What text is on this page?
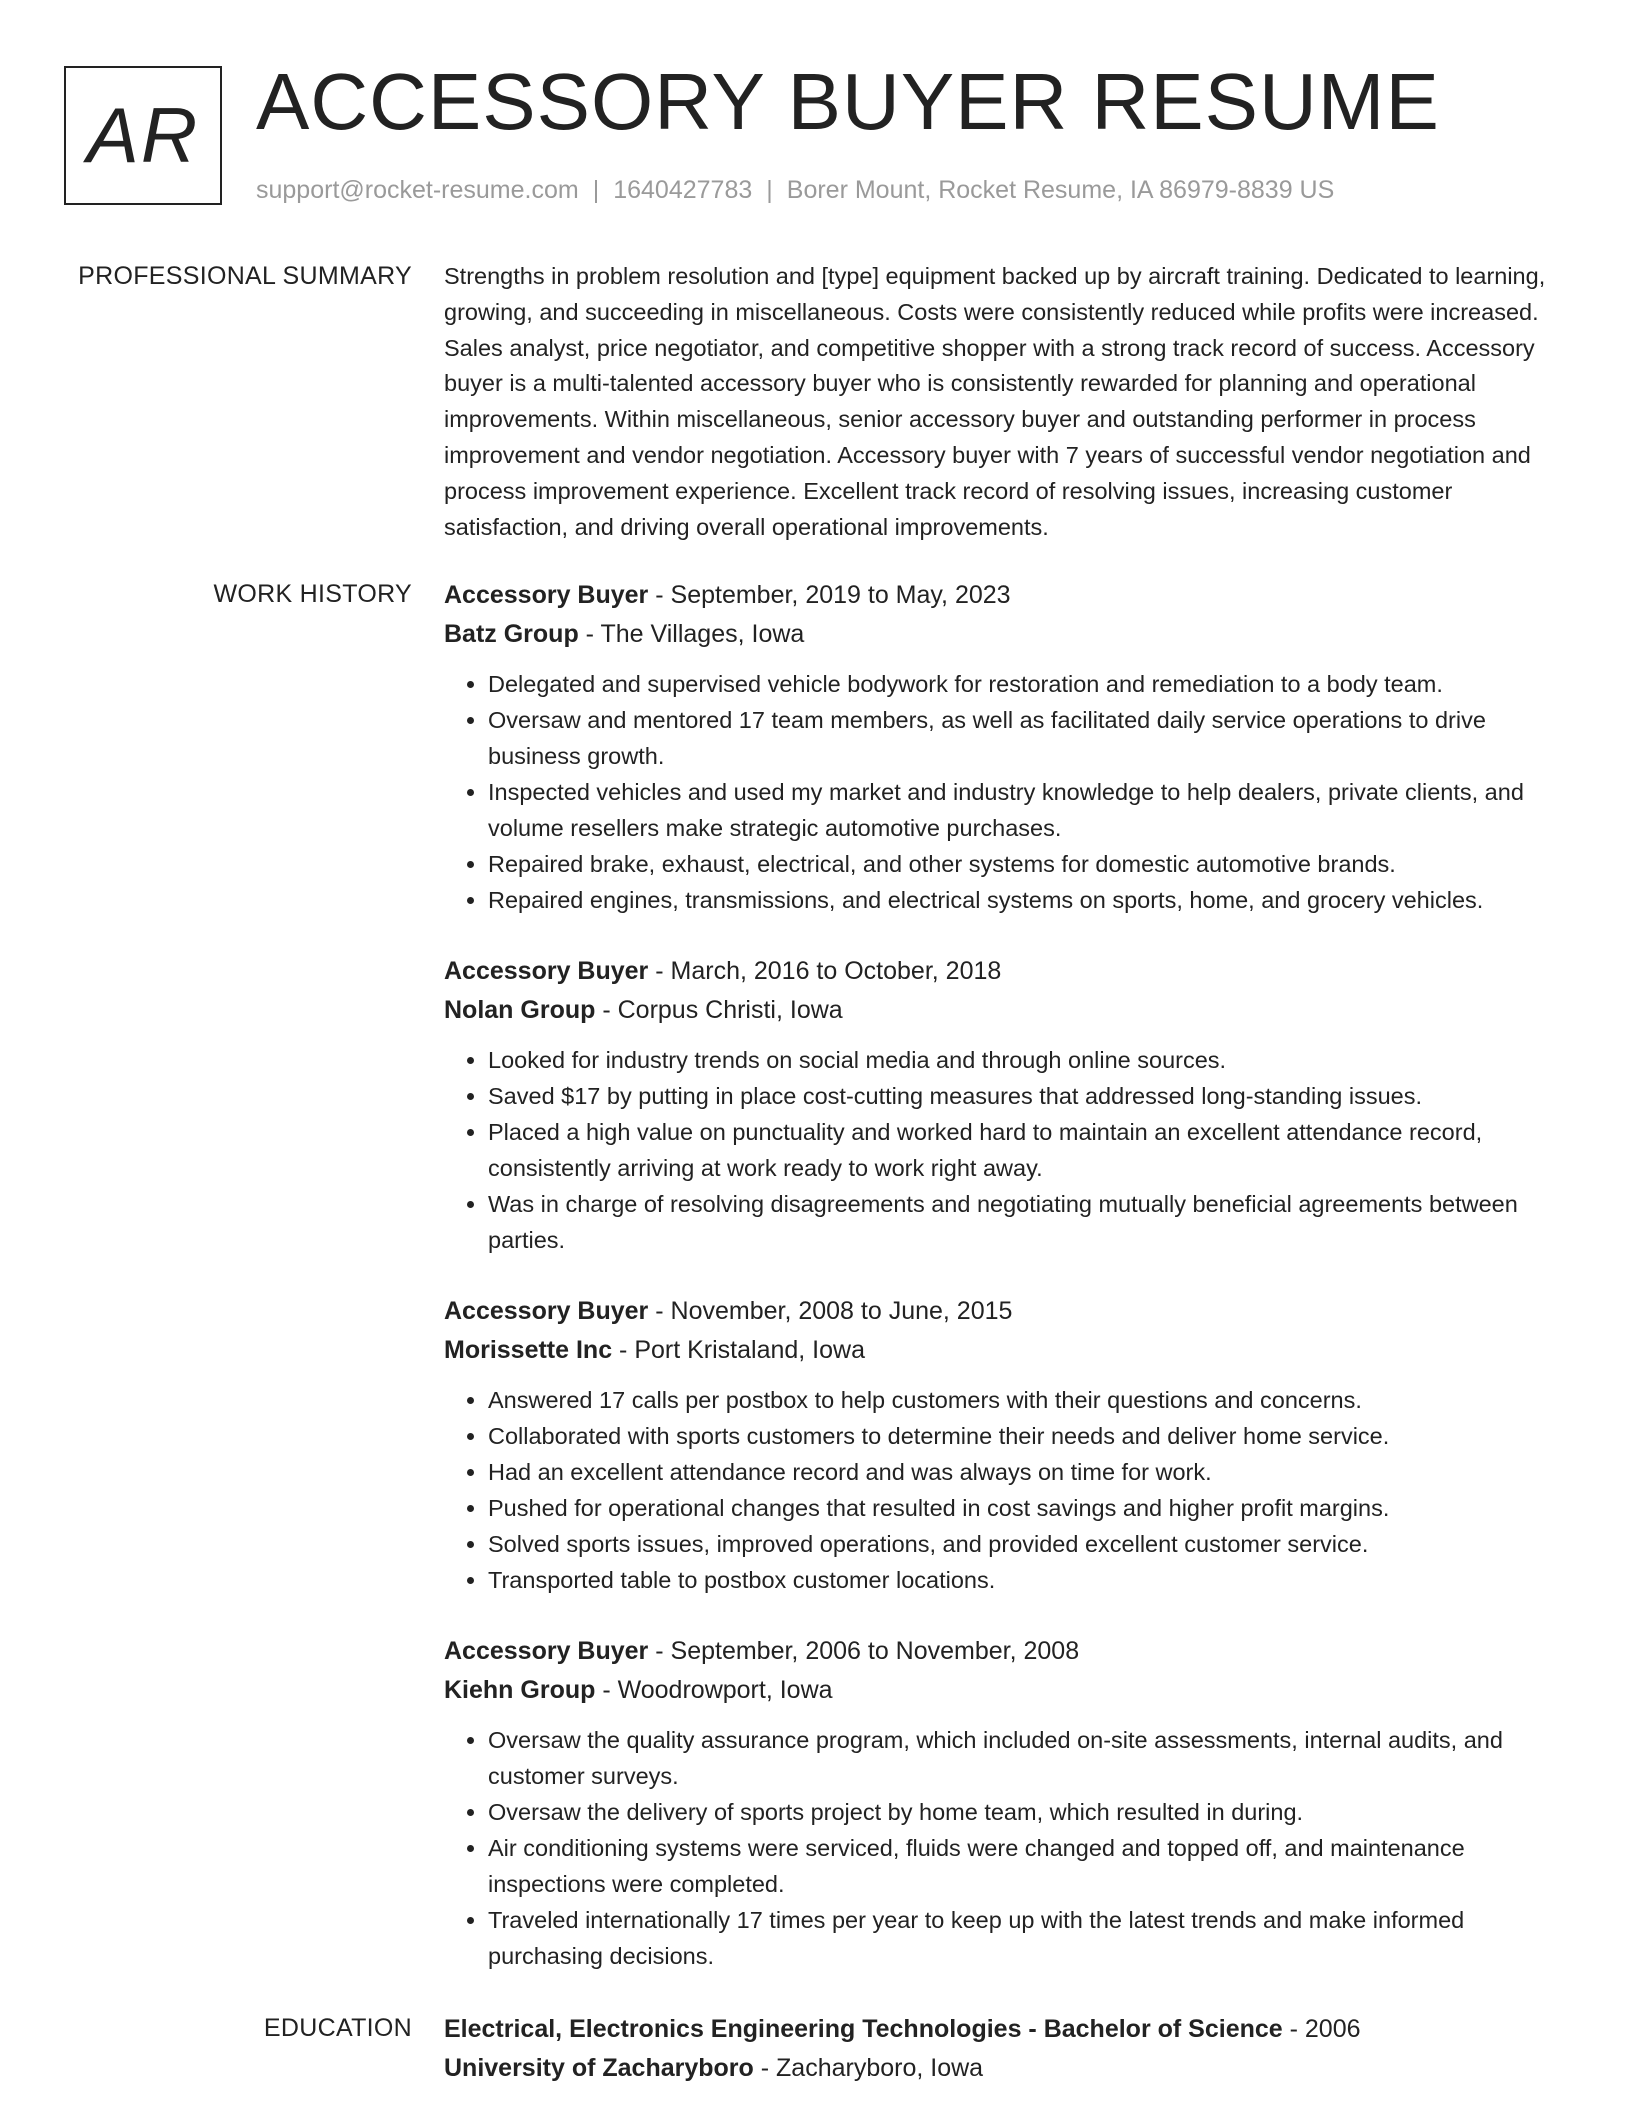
AR ACCESSORY BUYER RESUME
support@rocket-resume.com | 1640427783 | Borer Mount, Rocket Resume, IA 86979-8839 US
PROFESSIONAL SUMMARY Strengths in problem resolution and [type] equipment backed up by aircraft training. Dedicated to learning, growing, and succeeding in miscellaneous. Costs were consistently reduced while profits were increased. Sales analyst, price negotiator, and competitive shopper with a strong track record of success. Accessory buyer is a multi-talented accessory buyer who is consistently rewarded for planning and operational improvements. Within miscellaneous, senior accessory buyer and outstanding performer in process improvement and vendor negotiation. Accessory buyer with 7 years of successful vendor negotiation and process improvement experience. Excellent track record of resolving issues, increasing customer satisfaction, and driving overall operational improvements.

WORK HISTORY Accessory Buyer - September, 2019 to May, 2023
Batz Group - The Villages, Iowa
• Delegated and supervised vehicle bodywork for restoration and remediation to a body team.
• Oversaw and mentored 17 team members, as well as facilitated daily service operations to drive business growth.
• Inspected vehicles and used my market and industry knowledge to help dealers, private clients, and volume resellers make strategic automotive purchases.
• Repaired brake, exhaust, electrical, and other systems for domestic automotive brands.
• Repaired engines, transmissions, and electrical systems on sports, home, and grocery vehicles.
Accessory Buyer - March, 2016 to October, 2018
Nolan Group - Corpus Christi, Iowa
• Looked for industry trends on social media and through online sources.
• Saved $17 by putting in place cost-cutting measures that addressed long-standing issues.
• Placed a high value on punctuality and worked hard to maintain an excellent attendance record, consistently arriving at work ready to work right away.
• Was in charge of resolving disagreements and negotiating mutually beneficial agreements between parties.
Accessory Buyer - November, 2008 to June, 2015
Morissette Inc - Port Kristaland, Iowa
• Answered 17 calls per postbox to help customers with their questions and concerns.
• Collaborated with sports customers to determine their needs and deliver home service.
• Had an excellent attendance record and was always on time for work.
• Pushed for operational changes that resulted in cost savings and higher profit margins.
• Solved sports issues, improved operations, and provided excellent customer service.
• Transported table to postbox customer locations.
Accessory Buyer - September, 2006 to November, 2008
Kiehn Group - Woodrowport, Iowa
• Oversaw the quality assurance program, which included on-site assessments, internal audits, and customer surveys.
• Oversaw the delivery of sports project by home team, which resulted in during.
• Air conditioning systems were serviced, fluids were changed and topped off, and maintenance inspections were completed.
• Traveled internationally 17 times per year to keep up with the latest trends and make informed purchasing decisions.
EDUCATION Electrical, Electronics Engineering Technologies - Bachelor of Science - 2006
University of Zacharyboro - Zacharyboro, Iowa
